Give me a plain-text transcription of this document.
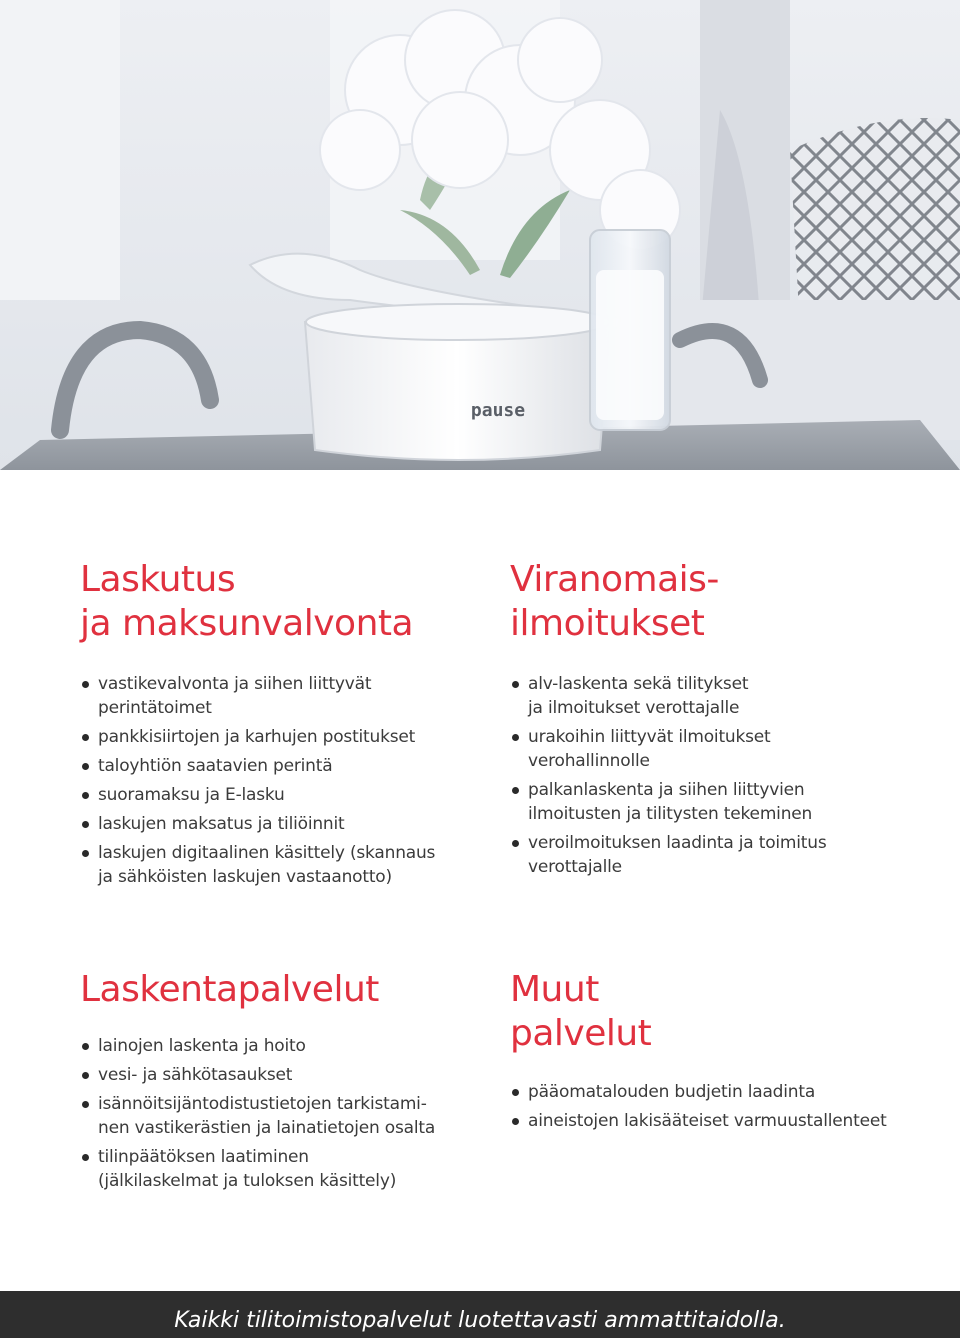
pause
Laskutus
ja maksunvalvonta
vastikevalvonta ja siihen liittyvät
perintätoimet
pankkisiirtojen ja karhujen postitukset
taloyhtiön saatavien perintä
suoramaksu ja E-lasku
laskujen maksatus ja tiliöinnit
laskujen digitaalinen käsittely (skannaus
ja sähköisten laskujen vastaanotto)
Viranomais-
ilmoitukset
alv-laskenta sekä tilitykset
ja ilmoitukset verottajalle
urakoihin liittyvät ilmoitukset
verohallinnolle
palkanlaskenta ja siihen liittyvien
ilmoitusten ja tilitysten tekeminen
veroilmoituksen laadinta ja toimitus
verottajalle
Laskentapalvelut
lainojen laskenta ja hoito
vesi- ja sähkötasaukset
isännöitsijäntodistustietojen tarkistami-
nen vastikerästien ja lainatietojen osalta
tilinpäätöksen laatiminen
(jälkilaskelmat ja tuloksen käsittely)
Muut
palvelut
pääomatalouden budjetin laadinta
aineistojen lakisääteiset varmuustallenteet
Kaikki tilitoimistopalvelut luotettavasti ammattitaidolla.
